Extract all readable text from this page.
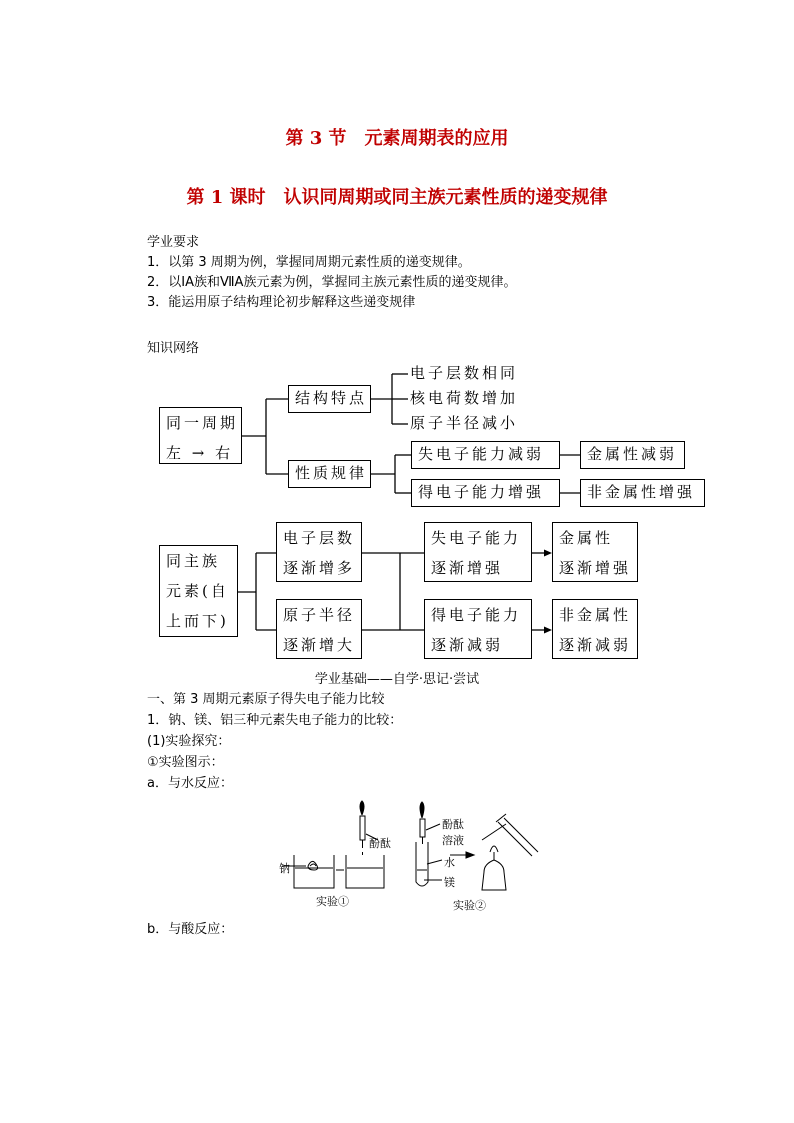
第 3 节　元素周期表的应用
第 1 课时　认识同周期或同主族元素性质的递变规律
学业要求
1．以第 3 周期为例，掌握同周期元素性质的递变规律。
2．以ⅠA族和ⅦA族元素为例，掌握同主族元素性质的递变规律。
3．能运用原子结构理论初步解释这些递变规律
知识网络
同一周期
左 → 右
结构特点
电子层数相同
核电荷数增加
原子半径减小
性质规律
失电子能力减弱	金属性减弱
得电子能力增强	非金属性增强
同主族
元素(自
上而下)
电子层数
逐渐增多
原子半径
逐渐增大
失电子能力
逐渐增强
得电子能力
逐渐减弱
金属性
逐渐增强
非金属性
逐渐减弱
学业基础——自学·思记·尝试
一、第 3 周期元素原子得失电子能力比较
1．钠、镁、铝三种元素失电子能力的比较：
(1)实验探究：
①实验图示：
a．与水反应：
钠
酚酞
酚酞
溶液
水
镁
实验①	实验②
b．与酸反应：
